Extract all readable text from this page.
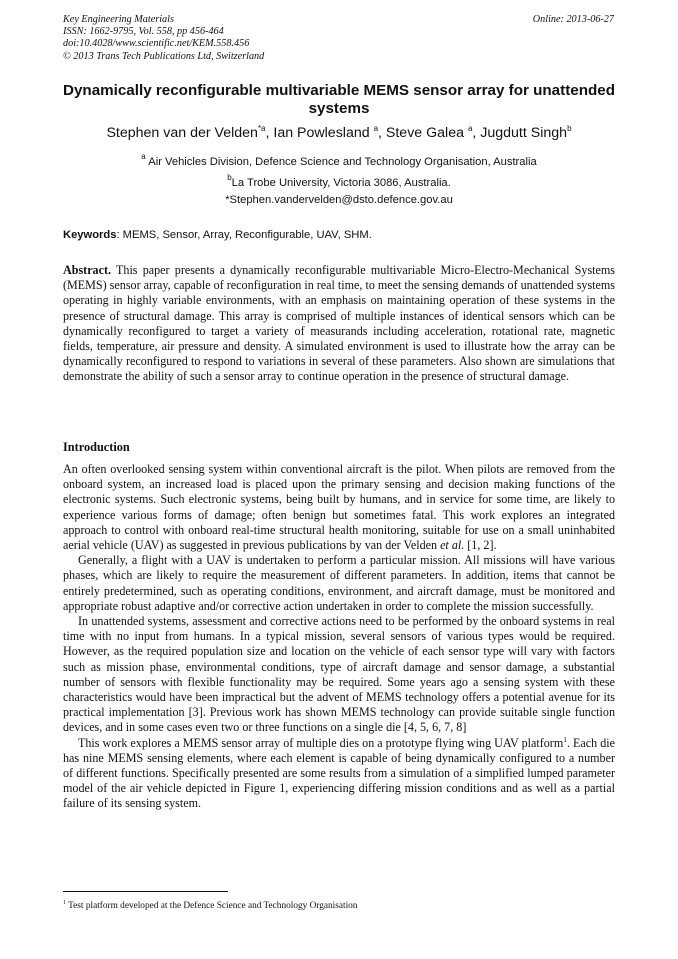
Key Engineering Materials
ISSN: 1662-9795, Vol. 558, pp 456-464
doi:10.4028/www.scientific.net/KEM.558.456
© 2013 Trans Tech Publications Ltd, Switzerland
Online: 2013-06-27
Dynamically reconfigurable multivariable MEMS sensor array for unattended systems
Stephen van der Velden$^{*a}$, Ian Powlesland $^a$, Steve Galea $^a$, Jugdutt Singh$^b$
$^a$ Air Vehicles Division, Defence Science and Technology Organisation, Australia
$^b$La Trobe University, Victoria 3086, Australia.
*Stephen.vandervelden@dsto.defence.gov.au
Keywords: MEMS, Sensor, Array, Reconfigurable, UAV, SHM.
Abstract. This paper presents a dynamically reconfigurable multivariable Micro-Electro-Mechanical Systems (MEMS) sensor array, capable of reconfiguration in real time, to meet the sensing demands of unattended systems operating in highly variable environments, with an emphasis on maintaining operation of these systems in the presence of structural damage. This array is comprised of multiple instances of identical sensors which can be dynamically reconfigured to target a variety of measurands including acceleration, rotational rate, magnetic fields, temperature, air pressure and density. A simulated environment is used to illustrate how the array can be dynamically reconfigured to respond to variations in several of these parameters. Also shown are simulations that demonstrate the ability of such a sensor array to continue operation in the presence of structural damage.
Introduction

An often overlooked sensing system within conventional aircraft is the pilot. When pilots are removed from the onboard system, an increased load is placed upon the primary sensing and decision making functions of the electronic systems. Such electronic systems, being built by humans, and in service for some time, are likely to experience various forms of damage; often benign but sometimes fatal. This work explores an integrated approach to control with onboard real-time structural health monitoring, suitable for use on a small uninhabited aerial vehicle (UAV) as suggested in previous publications by van der Velden et al. [1, 2].

Generally, a flight with a UAV is undertaken to perform a particular mission. All missions will have various phases, which are likely to require the measurement of different parameters. In addition, items that cannot be entirely predetermined, such as operating conditions, environment, and aircraft damage, must be monitored and appropriate robust adaptive and/or corrective action undertaken in order to complete the mission successfully.

In unattended systems, assessment and corrective actions need to be performed by the onboard systems in real time with no input from humans. In a typical mission, several sensors of various types would be required. However, as the required population size and location on the vehicle of each sensor type will vary with factors such as mission phase, environmental conditions, type of aircraft damage and sensor damage, a substantial number of sensors with flexible functionality may be required. Some years ago a sensing system with these characteristics would have been impractical but the advent of MEMS technology offers a potential avenue for its practical implementation [3]. Previous work has shown MEMS technology can provide suitable single function devices, and in some cases even two or three functions on a single die [4, 5, 6, 7, 8]

This work explores a MEMS sensor array of multiple dies on a prototype flying wing UAV platform$^1$. Each die has nine MEMS sensing elements, where each element is capable of being dynamically configured to a number of different functions. Specifically presented are some results from a simulation of a simplified lumped parameter model of the air vehicle depicted in Figure 1, experiencing differing mission conditions and as well as a partial failure of its sensing system.

$^1$ Test platform developed at the Defence Science and Technology Organisation
